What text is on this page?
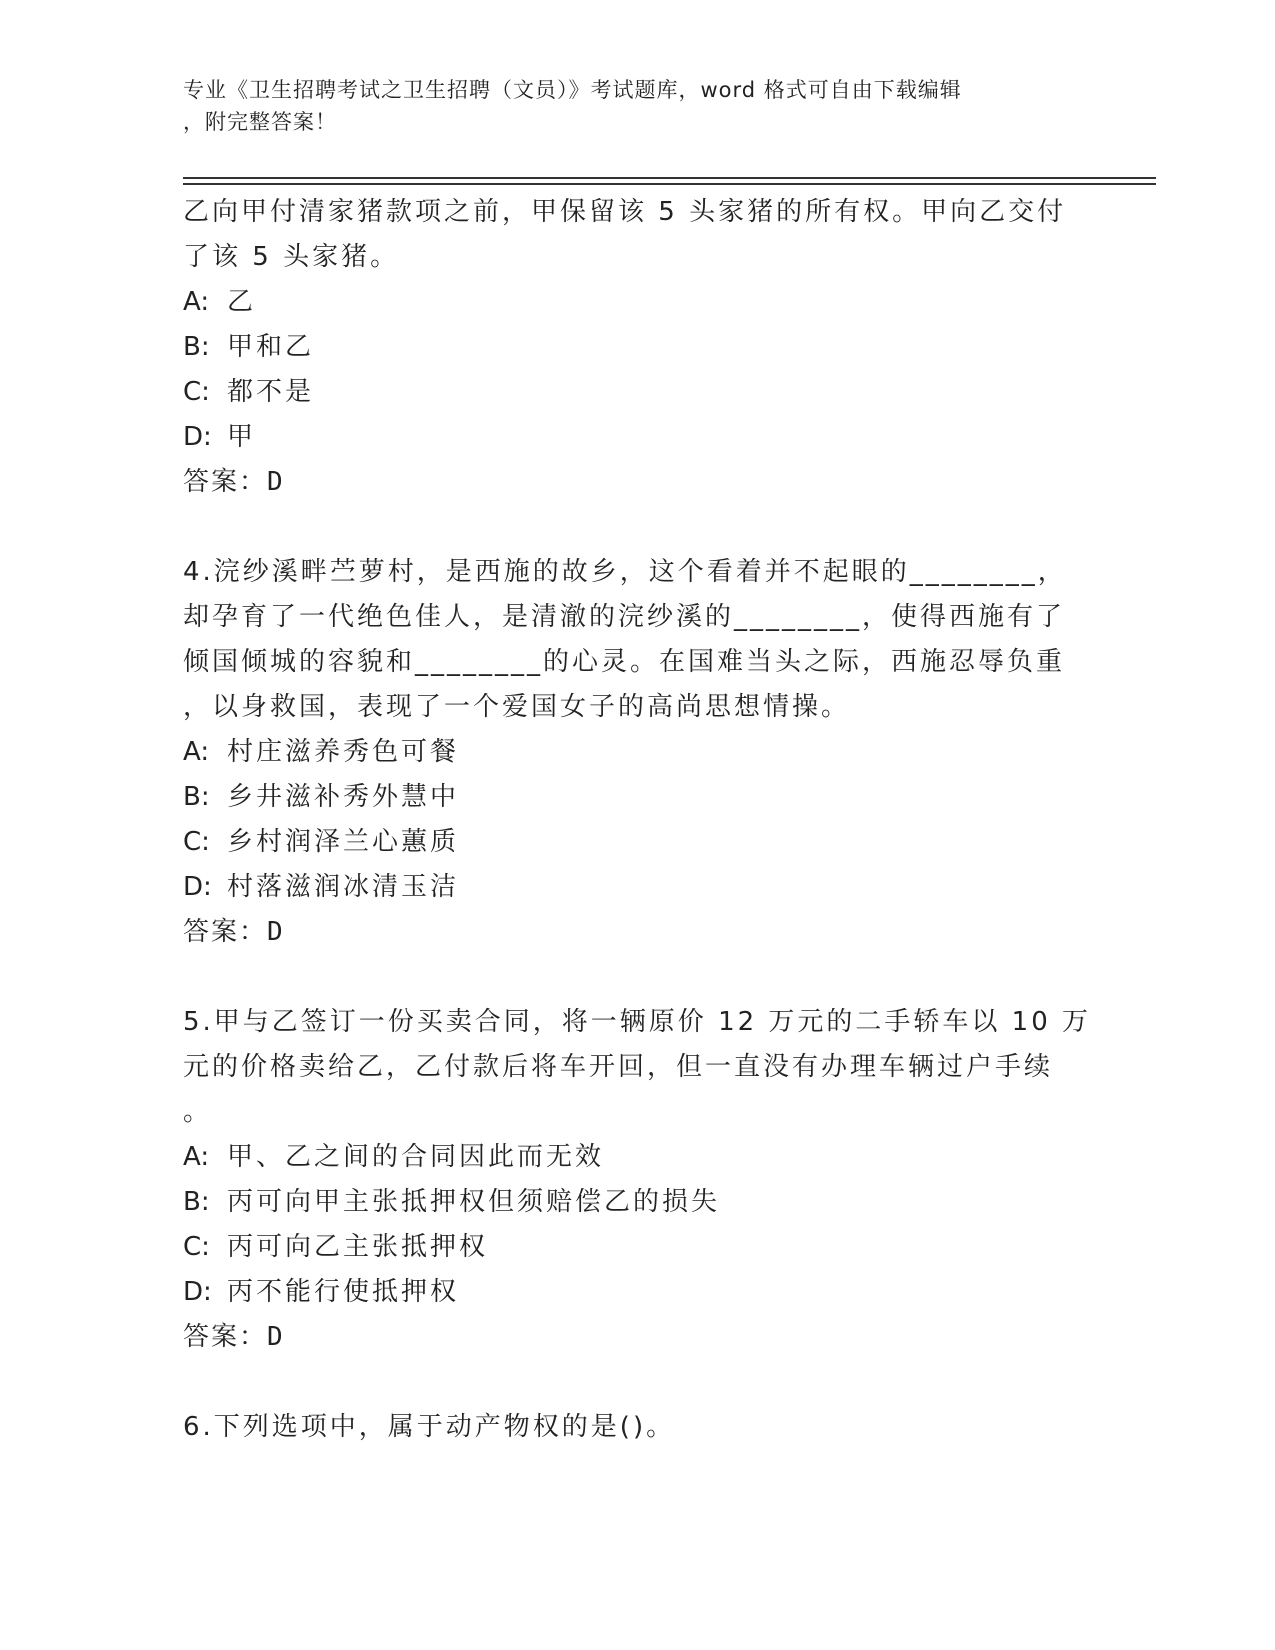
专业《卫生招聘考试之卫生招聘（文员）》考试题库，word 格式可自由下载编辑
，附完整答案！
乙向甲付清家猪款项之前，甲保留该 5 头家猪的所有权。甲向乙交付
了该 5 头家猪。
A: 乙
B: 甲和乙
C: 都不是
D: 甲
答案：D
4.浣纱溪畔苎萝村，是西施的故乡，这个看着并不起眼的________，
却孕育了一代绝色佳人，是清澈的浣纱溪的________，使得西施有了
倾国倾城的容貌和________的心灵。在国难当头之际，西施忍辱负重
，以身救国，表现了一个爱国女子的高尚思想情操。
A: 村庄滋养秀色可餐
B: 乡井滋补秀外慧中
C: 乡村润泽兰心蕙质
D: 村落滋润冰清玉洁
答案：D
5.甲与乙签订一份买卖合同，将一辆原价 12 万元的二手轿车以 10 万
元的价格卖给乙，乙付款后将车开回，但一直没有办理车辆过户手续
。
A: 甲、乙之间的合同因此而无效
B: 丙可向甲主张抵押权但须赔偿乙的损失
C: 丙可向乙主张抵押权
D: 丙不能行使抵押权
答案：D
6.下列选项中，属于动产物权的是()。
